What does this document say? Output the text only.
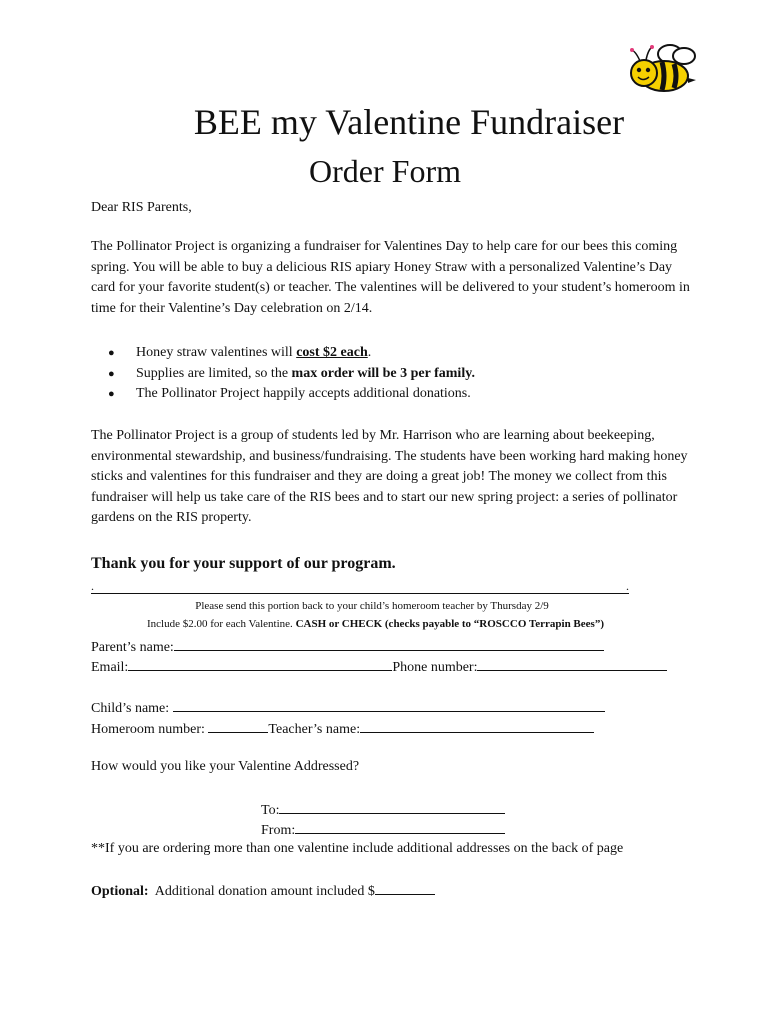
BEE my Valentine Fundraiser
Order Form

Dear RIS Parents,

The Pollinator Project is organizing a fundraiser for Valentines Day to help care for our bees this coming spring. You will be able to buy a delicious RIS apiary Honey Straw with a personalized Valentine’s Day card for your favorite student(s) or teacher. The valentines will be delivered to your student’s homeroom in time for their Valentine’s Day celebration on 2/14.

● Honey straw valentines will cost $2 each.
● Supplies are limited, so the max order will be 3 per family.
● The Pollinator Project happily accepts additional donations.

The Pollinator Project is a group of students led by Mr. Harrison who are learning about beekeeping, environmental stewardship, and business/fundraising. The students have been working hard making honey sticks and valentines for this fundraiser and they are doing a great job! The money we collect from this fundraiser will help us take care of the RIS bees and to start our new spring project: a series of pollinator gardens on the RIS property.

Thank you for your support of our program.
.	.
Please send this portion back to your child’s homeroom teacher by Thursday 2/9
Include $2.00 for each Valentine. CASH or CHECK (checks payable to “ROSCCO Terrapin Bees”)
Parent’s name:
Email:	Phone number:
Child’s name:
Homeroom number:	Teacher’s name:
How would you like your Valentine Addressed?
To:
From:
**If you are ordering more than one valentine include additional addresses on the back of page
Optional:  Additional donation amount included $
